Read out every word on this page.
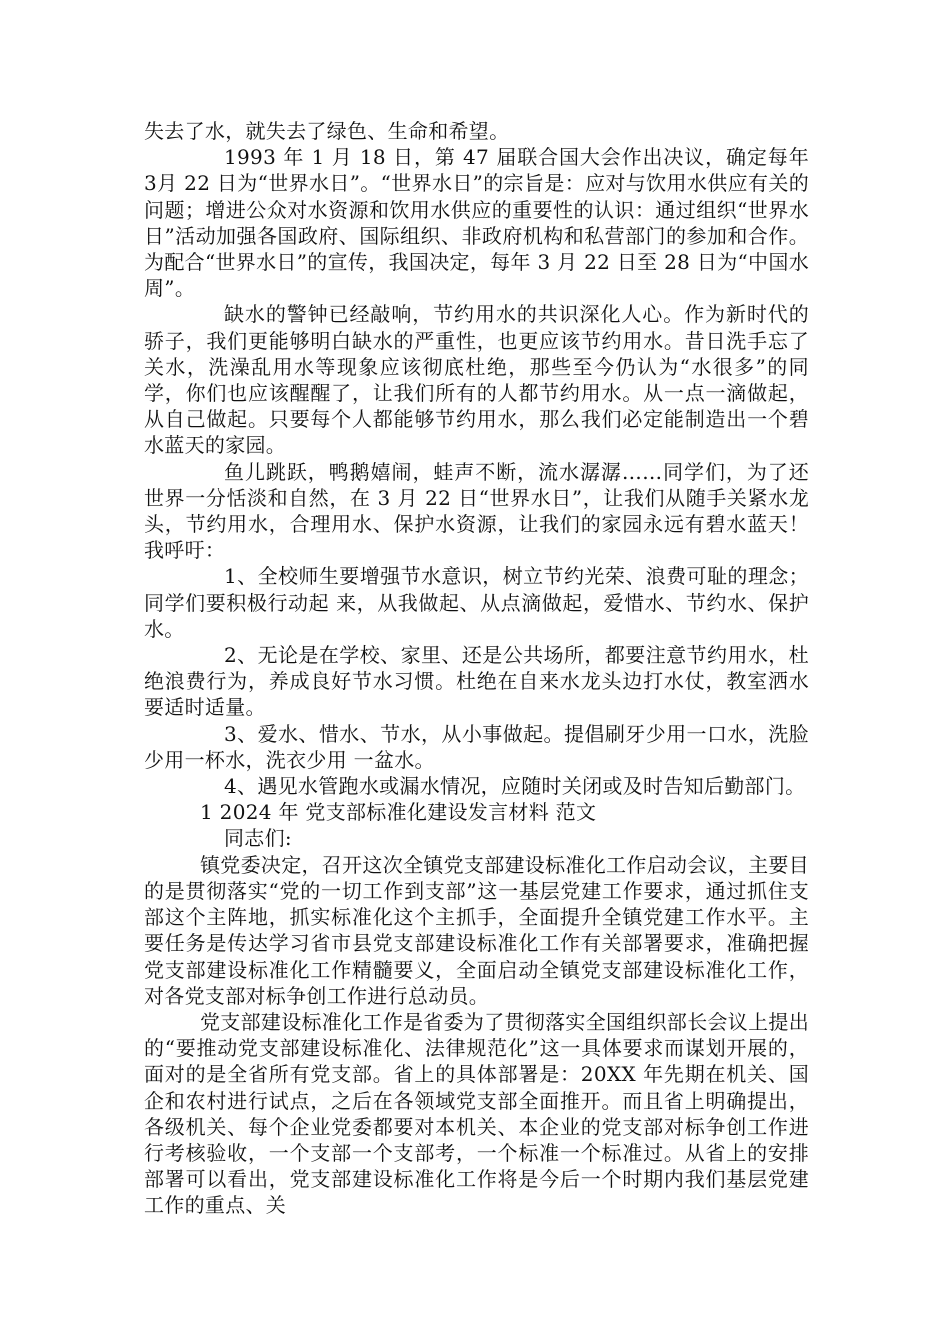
失去了水，就失去了绿色、生命和希望。

1993 年 1 月 18 日，第 47 届联合国大会作出决议，确定每年 3月 22 日为“世界水日”。“世界水日”的宗旨是：应对与饮用水供应有关的问题；增进公众对水资源和饮用水供应的重要性的认识：通过组织“世界水日”活动加强各国政府、国际组织、非政府机构和私营部门的参加和合作。为配合“世界水日”的宣传，我国决定，每年 3 月 22 日至 28 日为“中国水周”。

缺水的警钟已经敲响，节约用水的共识深化人心。作为新时代的骄子，我们更能够明白缺水的严重性，也更应该节约用水。昔日洗手忘了关水，洗澡乱用水等现象应该彻底杜绝，那些至今仍认为“水很多”的同学，你们也应该醒醒了，让我们所有的人都节约用水。从一点一滴做起，从自己做起。只要每个人都能够节约用水，那么我们必定能制造出一个碧水蓝天的家园。

鱼儿跳跃，鸭鹅嬉闹，蛙声不断，流水潺潺……同学们，为了还世界一分恬淡和自然，在 3 月 22 日“世界水日”，让我们从随手关紧水龙头，节约用水，合理用水、保护水资源，让我们的家园永远有碧水蓝天！我呼吁：

1、全校师生要增强节水意识，树立节约光荣、浪费可耻的理念；同学们要积极行动起 来，从我做起、从点滴做起，爱惜水、节约水、保护水。

2、无论是在学校、家里、还是公共场所，都要注意节约用水，杜绝浪费行为，养成良好节水习惯。杜绝在自来水龙头边打水仗，教室洒水要适时适量。

3、爱水、惜水、节水，从小事做起。提倡刷牙少用一口水，洗脸少用一杯水，洗衣少用 一盆水。

4、遇见水管跑水或漏水情况，应随时关闭或及时告知后勤部门。

1 2024 年 党支部标准化建设发言材料 范文

同志们:

镇党委决定，召开这次全镇党支部建设标准化工作启动会议，主要目的是贯彻落实“党的一切工作到支部”这一基层党建工作要求，通过抓住支部这个主阵地，抓实标准化这个主抓手，全面提升全镇党建工作水平。主要任务是传达学习省市县党支部建设标准化工作有关部署要求，准确把握党支部建设标准化工作精髓要义，全面启动全镇党支部建设标准化工作，对各党支部对标争创工作进行总动员。

党支部建设标准化工作是省委为了贯彻落实全国组织部长会议上提出的“要推动党支部建设标准化、法律规范化”这一具体要求而谋划开展的，面对的是全省所有党支部。省上的具体部署是：20XX 年先期在机关、国企和农村进行试点，之后在各领域党支部全面推开。而且省上明确提出，各级机关、每个企业党委都要对本机关、本企业的党支部对标争创工作进行考核验收，一个支部一个支部考，一个标准一个标准过。从省上的安排部署可以看出，党支部建设标准化工作将是今后一个时期内我们基层党建工作的重点、关
